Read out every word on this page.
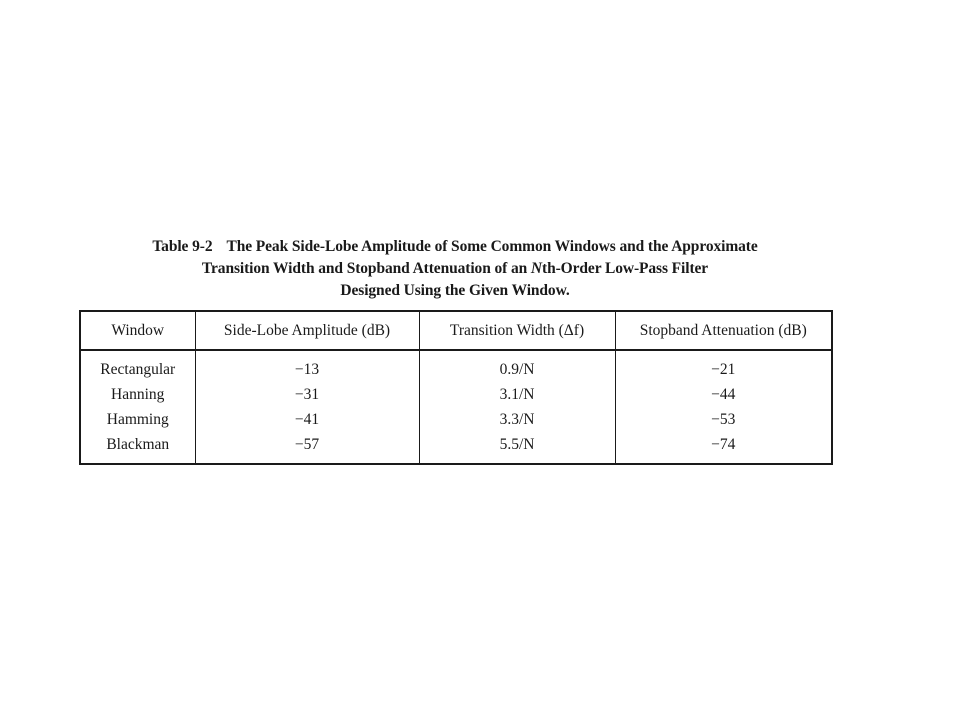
Table 9-2 The Peak Side-Lobe Amplitude of Some Common Windows and the Approximate
Transition Width and Stopband Attenuation of an Nth-Order Low-Pass Filter
Designed Using the Given Window.
Window	Side-Lobe Amplitude (dB)	Transition Width (Δf)	Stopband Attenuation (dB)
Rectangular	−13	0.9/N	−21
Hanning	−31	3.1/N	−44
Hamming	−41	3.3/N	−53
Blackman	−57	5.5/N	−74
